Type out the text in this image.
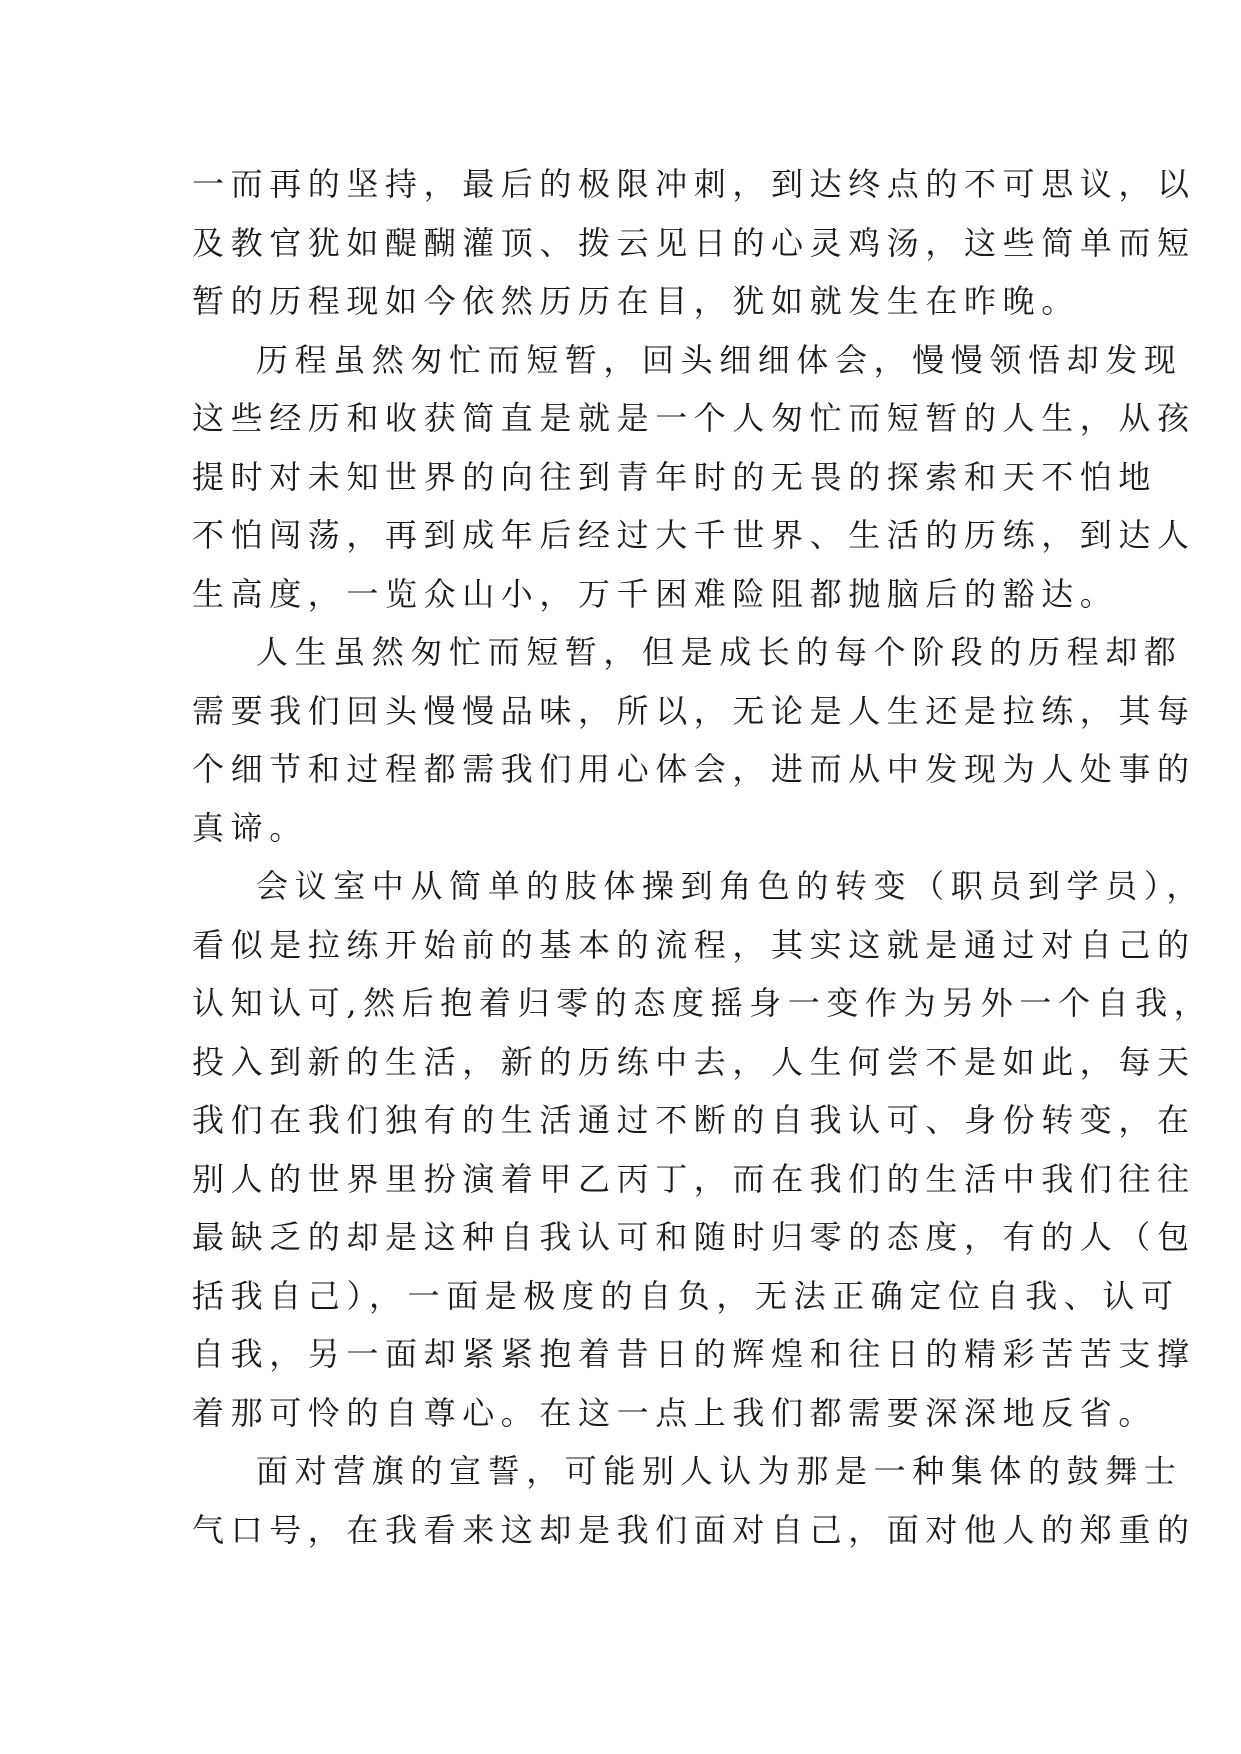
一而再的坚持，最后的极限冲刺，到达终点的不可思议，以
及教官犹如醍醐灌顶、拨云见日的心灵鸡汤，这些简单而短
暂的历程现如今依然历历在目，犹如就发生在昨晚。
历程虽然匆忙而短暂，回头细细体会，慢慢领悟却发现
这些经历和收获简直是就是一个人匆忙而短暂的人生，从孩
提时对未知世界的向往到青年时的无畏的探索和天不怕地
不怕闯荡，再到成年后经过大千世界、生活的历练，到达人
生高度，一览众山小，万千困难险阻都抛脑后的豁达。
人生虽然匆忙而短暂，但是成长的每个阶段的历程却都
需要我们回头慢慢品味，所以，无论是人生还是拉练，其每
个细节和过程都需我们用心体会，进而从中发现为人处事的
真谛。
会议室中从简单的肢体操到角色的转变（职员到学员），
看似是拉练开始前的基本的流程，其实这就是通过对自己的
认知认可,然后抱着归零的态度摇身一变作为另外一个自我，
投入到新的生活，新的历练中去，人生何尝不是如此，每天
我们在我们独有的生活通过不断的自我认可、身份转变，在
别人的世界里扮演着甲乙丙丁，而在我们的生活中我们往往
最缺乏的却是这种自我认可和随时归零的态度，有的人（包
括我自己），一面是极度的自负，无法正确定位自我、认可
自我，另一面却紧紧抱着昔日的辉煌和往日的精彩苦苦支撑
着那可怜的自尊心。在这一点上我们都需要深深地反省。
面对营旗的宣誓，可能别人认为那是一种集体的鼓舞士
气口号，在我看来这却是我们面对自己，面对他人的郑重的
